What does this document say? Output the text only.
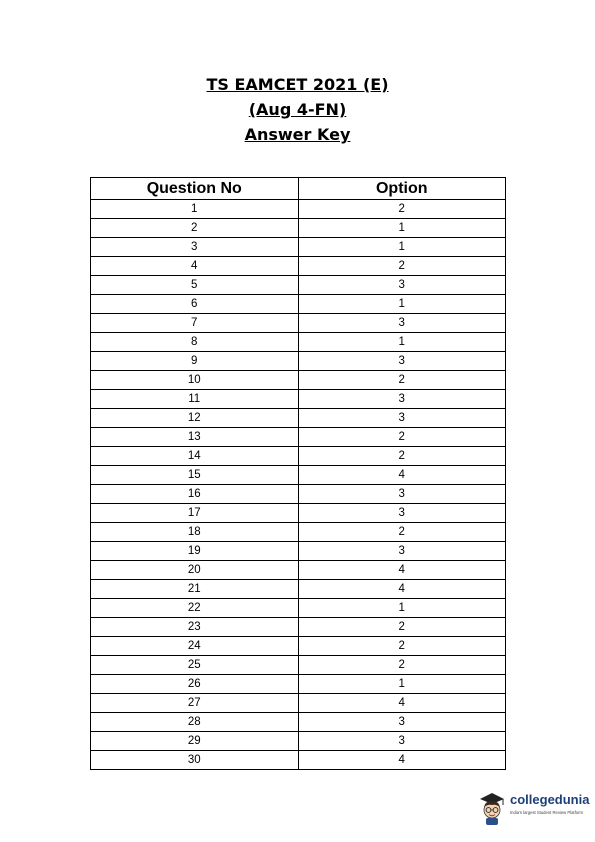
TS EAMCET 2021 (E)
(Aug 4-FN)
Answer Key
Question No	Option
1	2
2	1
3	1
4	2
5	3
6	1
7	3
8	1
9	3
10	2
11	3
12	3
13	2
14	2
15	4
16	3
17	3
18	2
19	3
20	4
21	4
22	1
23	2
24	2
25	2
26	1
27	4
28	3
29	3
30	4
collegedunia
India's largest Student Review Platform
